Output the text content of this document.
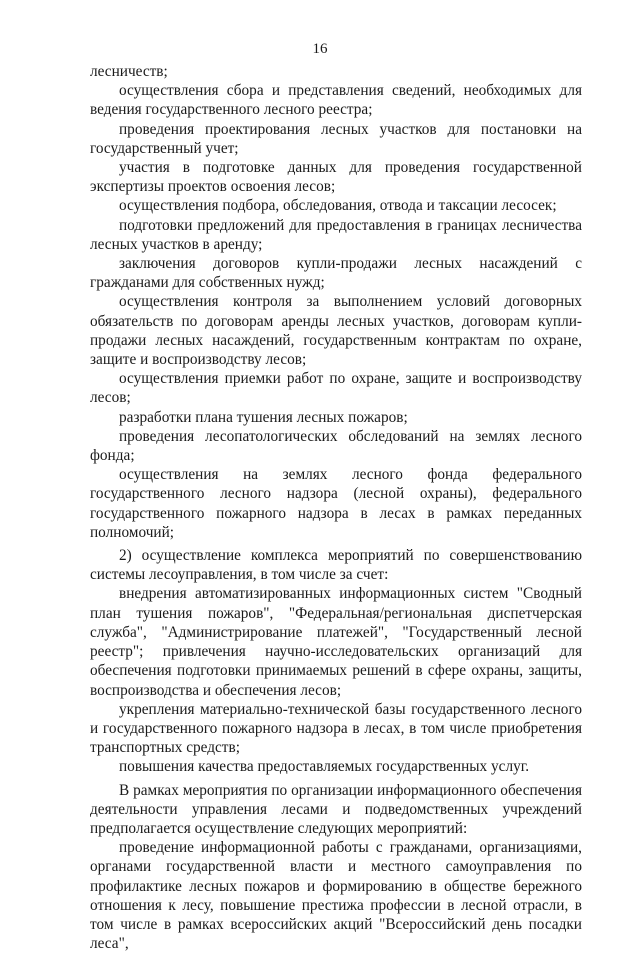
16

лесничеств;

осуществления сбора и представления сведений, необходимых для ведения государственного лесного реестра;

проведения проектирования лесных участков для постановки на государственный учет;

участия в подготовке данных для проведения государственной экспертизы проектов освоения лесов;

осуществления подбора, обследования, отвода и таксации лесосек;

подготовки предложений для предоставления в границах лесничества лесных участков в аренду;

заключения договоров купли-продажи лесных насаждений с гражданами для собственных нужд;

осуществления контроля за выполнением условий договорных обязательств по договорам аренды лесных участков, договорам купли-продажи лесных насаждений, государственным контрактам по охране, защите и воспроизводству лесов;

осуществления приемки работ по охране, защите и воспроизводству лесов;

разработки плана тушения лесных пожаров;

проведения лесопатологических обследований на землях лесного фонда;

осуществления на землях лесного фонда федерального государственного лесного надзора (лесной охраны), федерального государственного пожарного надзора в лесах в рамках переданных полномочий;

2) осуществление комплекса мероприятий по совершенствованию системы лесоуправления, в том числе за счет:

внедрения автоматизированных информационных систем "Сводный план тушения пожаров", "Федеральная/региональная диспетчерская служба", "Администрирование платежей", "Государственный лесной реестр"; привлечения научно-исследовательских организаций для обеспечения подготовки принимаемых решений в сфере охраны, защиты, воспроизводства и обеспечения лесов;

укрепления материально-технической базы государственного лесного и государственного пожарного надзора в лесах, в том числе приобретения транспортных средств;

повышения качества предоставляемых государственных услуг.

В рамках мероприятия по организации информационного обеспечения деятельности управления лесами и подведомственных учреждений предполагается осуществление следующих мероприятий:

проведение информационной работы с гражданами, организациями, органами государственной власти и местного самоуправления по профилактике лесных пожаров и формированию в обществе бережного отношения к лесу, повышение престижа профессии в лесной отрасли, в том числе в рамках всероссийских акций "Всероссийский день посадки леса",
